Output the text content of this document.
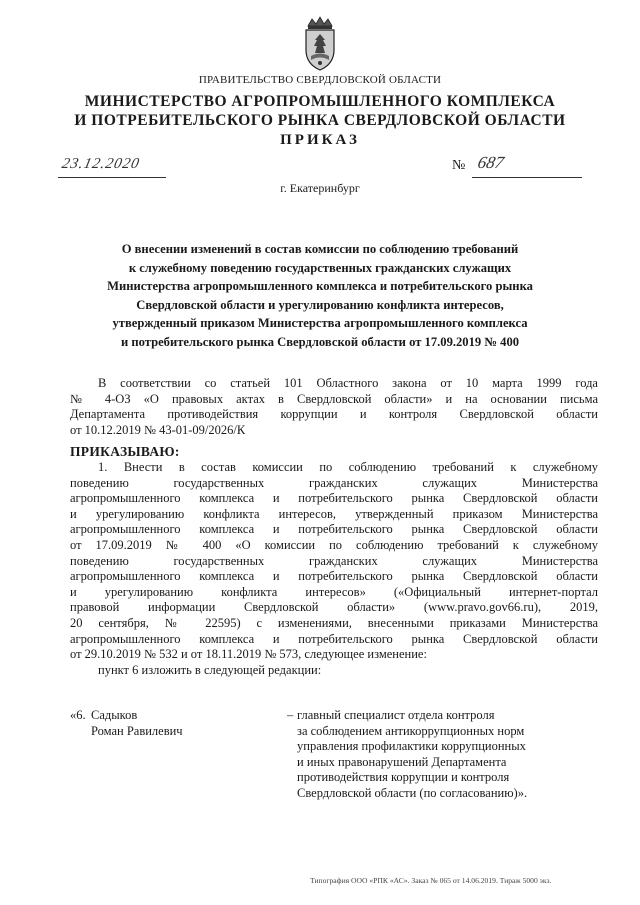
ПРАВИТЕЛЬСТВО СВЕРДЛОВСКОЙ ОБЛАСТИ
МИНИСТЕРСТВО АГРОПРОМЫШЛЕННОГО КОМПЛЕКСА
И ПОТРЕБИТЕЛЬСКОГО РЫНКА СВЕРДЛОВСКОЙ ОБЛАСТИ
ПРИКАЗ
23.12.2020	№ 687
г. Екатеринбург
О внесении изменений в состав комиссии по соблюдению требований
к служебному поведению государственных гражданских служащих
Министерства агропромышленного комплекса и потребительского рынка
Свердловской области и урегулированию конфликта интересов,
утвержденный приказом Министерства агропромышленного комплекса
и потребительского рынка Свердловской области от 17.09.2019 № 400
В соответствии со статьей 101 Областного закона от 10 марта 1999 года
№ 4-ОЗ «О правовых актах в Свердловской области» и на основании письма
Департамента противодействия коррупции и контроля Свердловской области
от 10.12.2019 № 43-01-09/2026/К
ПРИКАЗЫВАЮ:
1. Внести в состав комиссии по соблюдению требований к служебному
поведению государственных гражданских служащих Министерства
агропромышленного комплекса и потребительского рынка Свердловской области
и урегулированию конфликта интересов, утвержденный приказом Министерства
агропромышленного комплекса и потребительского рынка Свердловской области
от 17.09.2019 № 400 «О комиссии по соблюдению требований к служебному
поведению государственных гражданских служащих Министерства
агропромышленного комплекса и потребительского рынка Свердловской области
и урегулированию конфликта интересов» («Официальный интернет-портал
правовой информации Свердловской области» (www.pravo.gov66.ru), 2019,
20 сентября, № 22595) с изменениями, внесенными приказами Министерства
агропромышленного комплекса и потребительского рынка Свердловской области
от 29.10.2019 № 532 и от 18.11.2019 № 573, следующее изменение:
пункт 6 изложить в следующей редакции:
«6. Садыков
Роман Равилевич
– главный специалист отдела контроля
за соблюдением антикоррупционных норм
управления профилактики коррупционных
и иных правонарушений Департамента
противодействия коррупции и контроля
Свердловской области (по согласованию)».
Типография ООО «РПК «АС». Заказ № 065 от 14.06.2019. Тираж 5000 экз.
